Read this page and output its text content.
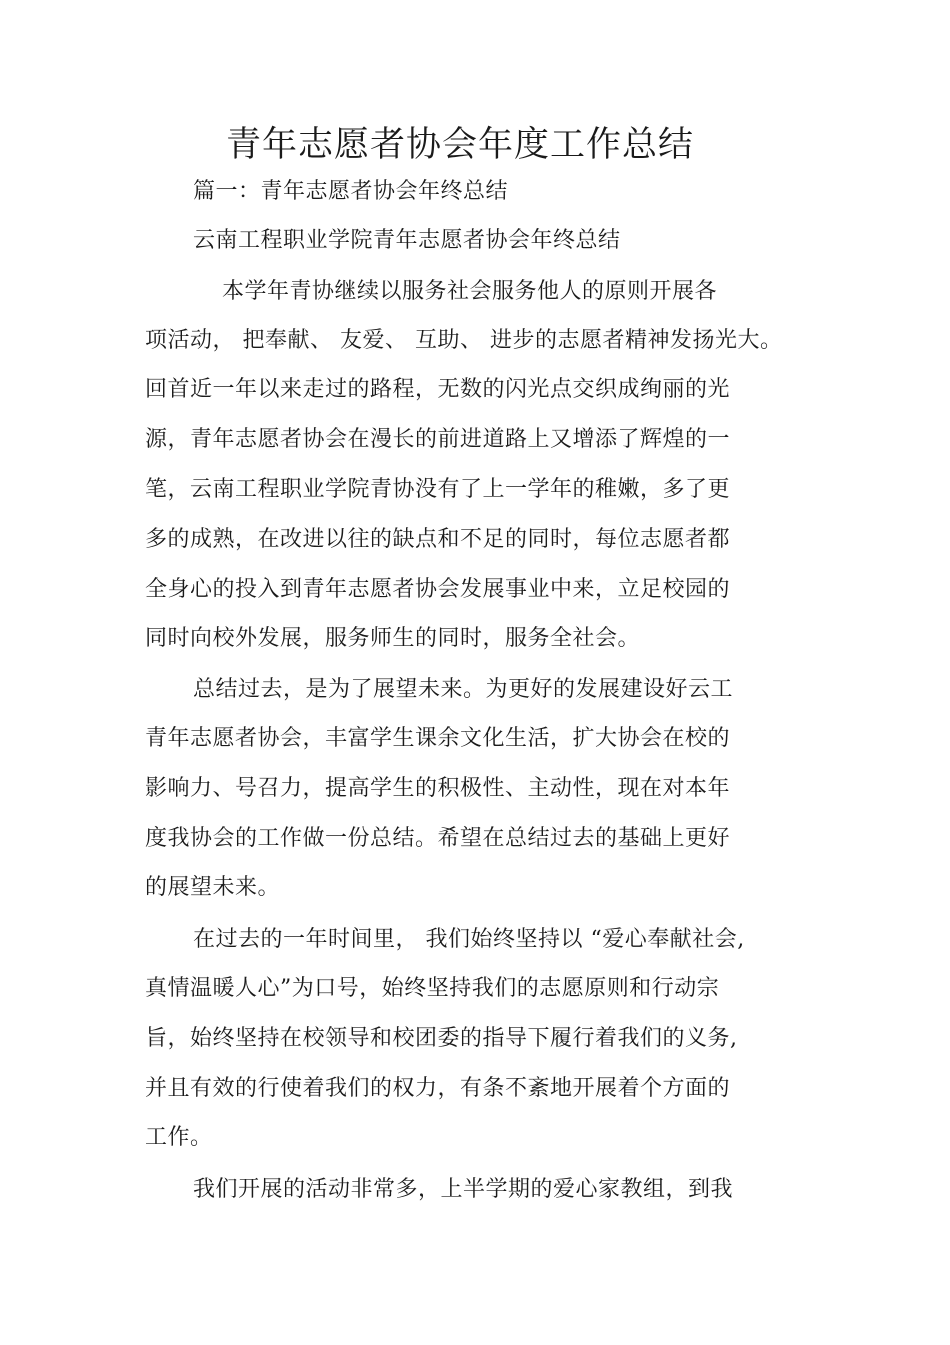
青年志愿者协会年度工作总结
篇一：青年志愿者协会年终总结
云南工程职业学院青年志愿者协会年终总结
本学年青协继续以服务社会服务他人的原则开展各
项活动， 把奉献、 友爱、 互助、 进步的志愿者精神发扬光大。
回首近一年以来走过的路程，无数的闪光点交织成绚丽的光
源，青年志愿者协会在漫长的前进道路上又增添了辉煌的一
笔，云南工程职业学院青协没有了上一学年的稚嫩，多了更
多的成熟，在改进以往的缺点和不足的同时，每位志愿者都
全身心的投入到青年志愿者协会发展事业中来，立足校园的
同时向校外发展，服务师生的同时，服务全社会。
总结过去，是为了展望未来。为更好的发展建设好云工
青年志愿者协会，丰富学生课余文化生活，扩大协会在校的
影响力、号召力，提高学生的积极性、主动性，现在对本年
度我协会的工作做一份总结。希望在总结过去的基础上更好
的展望未来。
在过去的一年时间里， 我们始终坚持以 “爱心奉献社会,
真情温暖人心”为口号，始终坚持我们的志愿原则和行动宗
旨，始终坚持在校领导和校团委的指导下履行着我们的义务,
并且有效的行使着我们的权力，有条不紊地开展着个方面的
工作。
我们开展的活动非常多，上半学期的爱心家教组，到我
